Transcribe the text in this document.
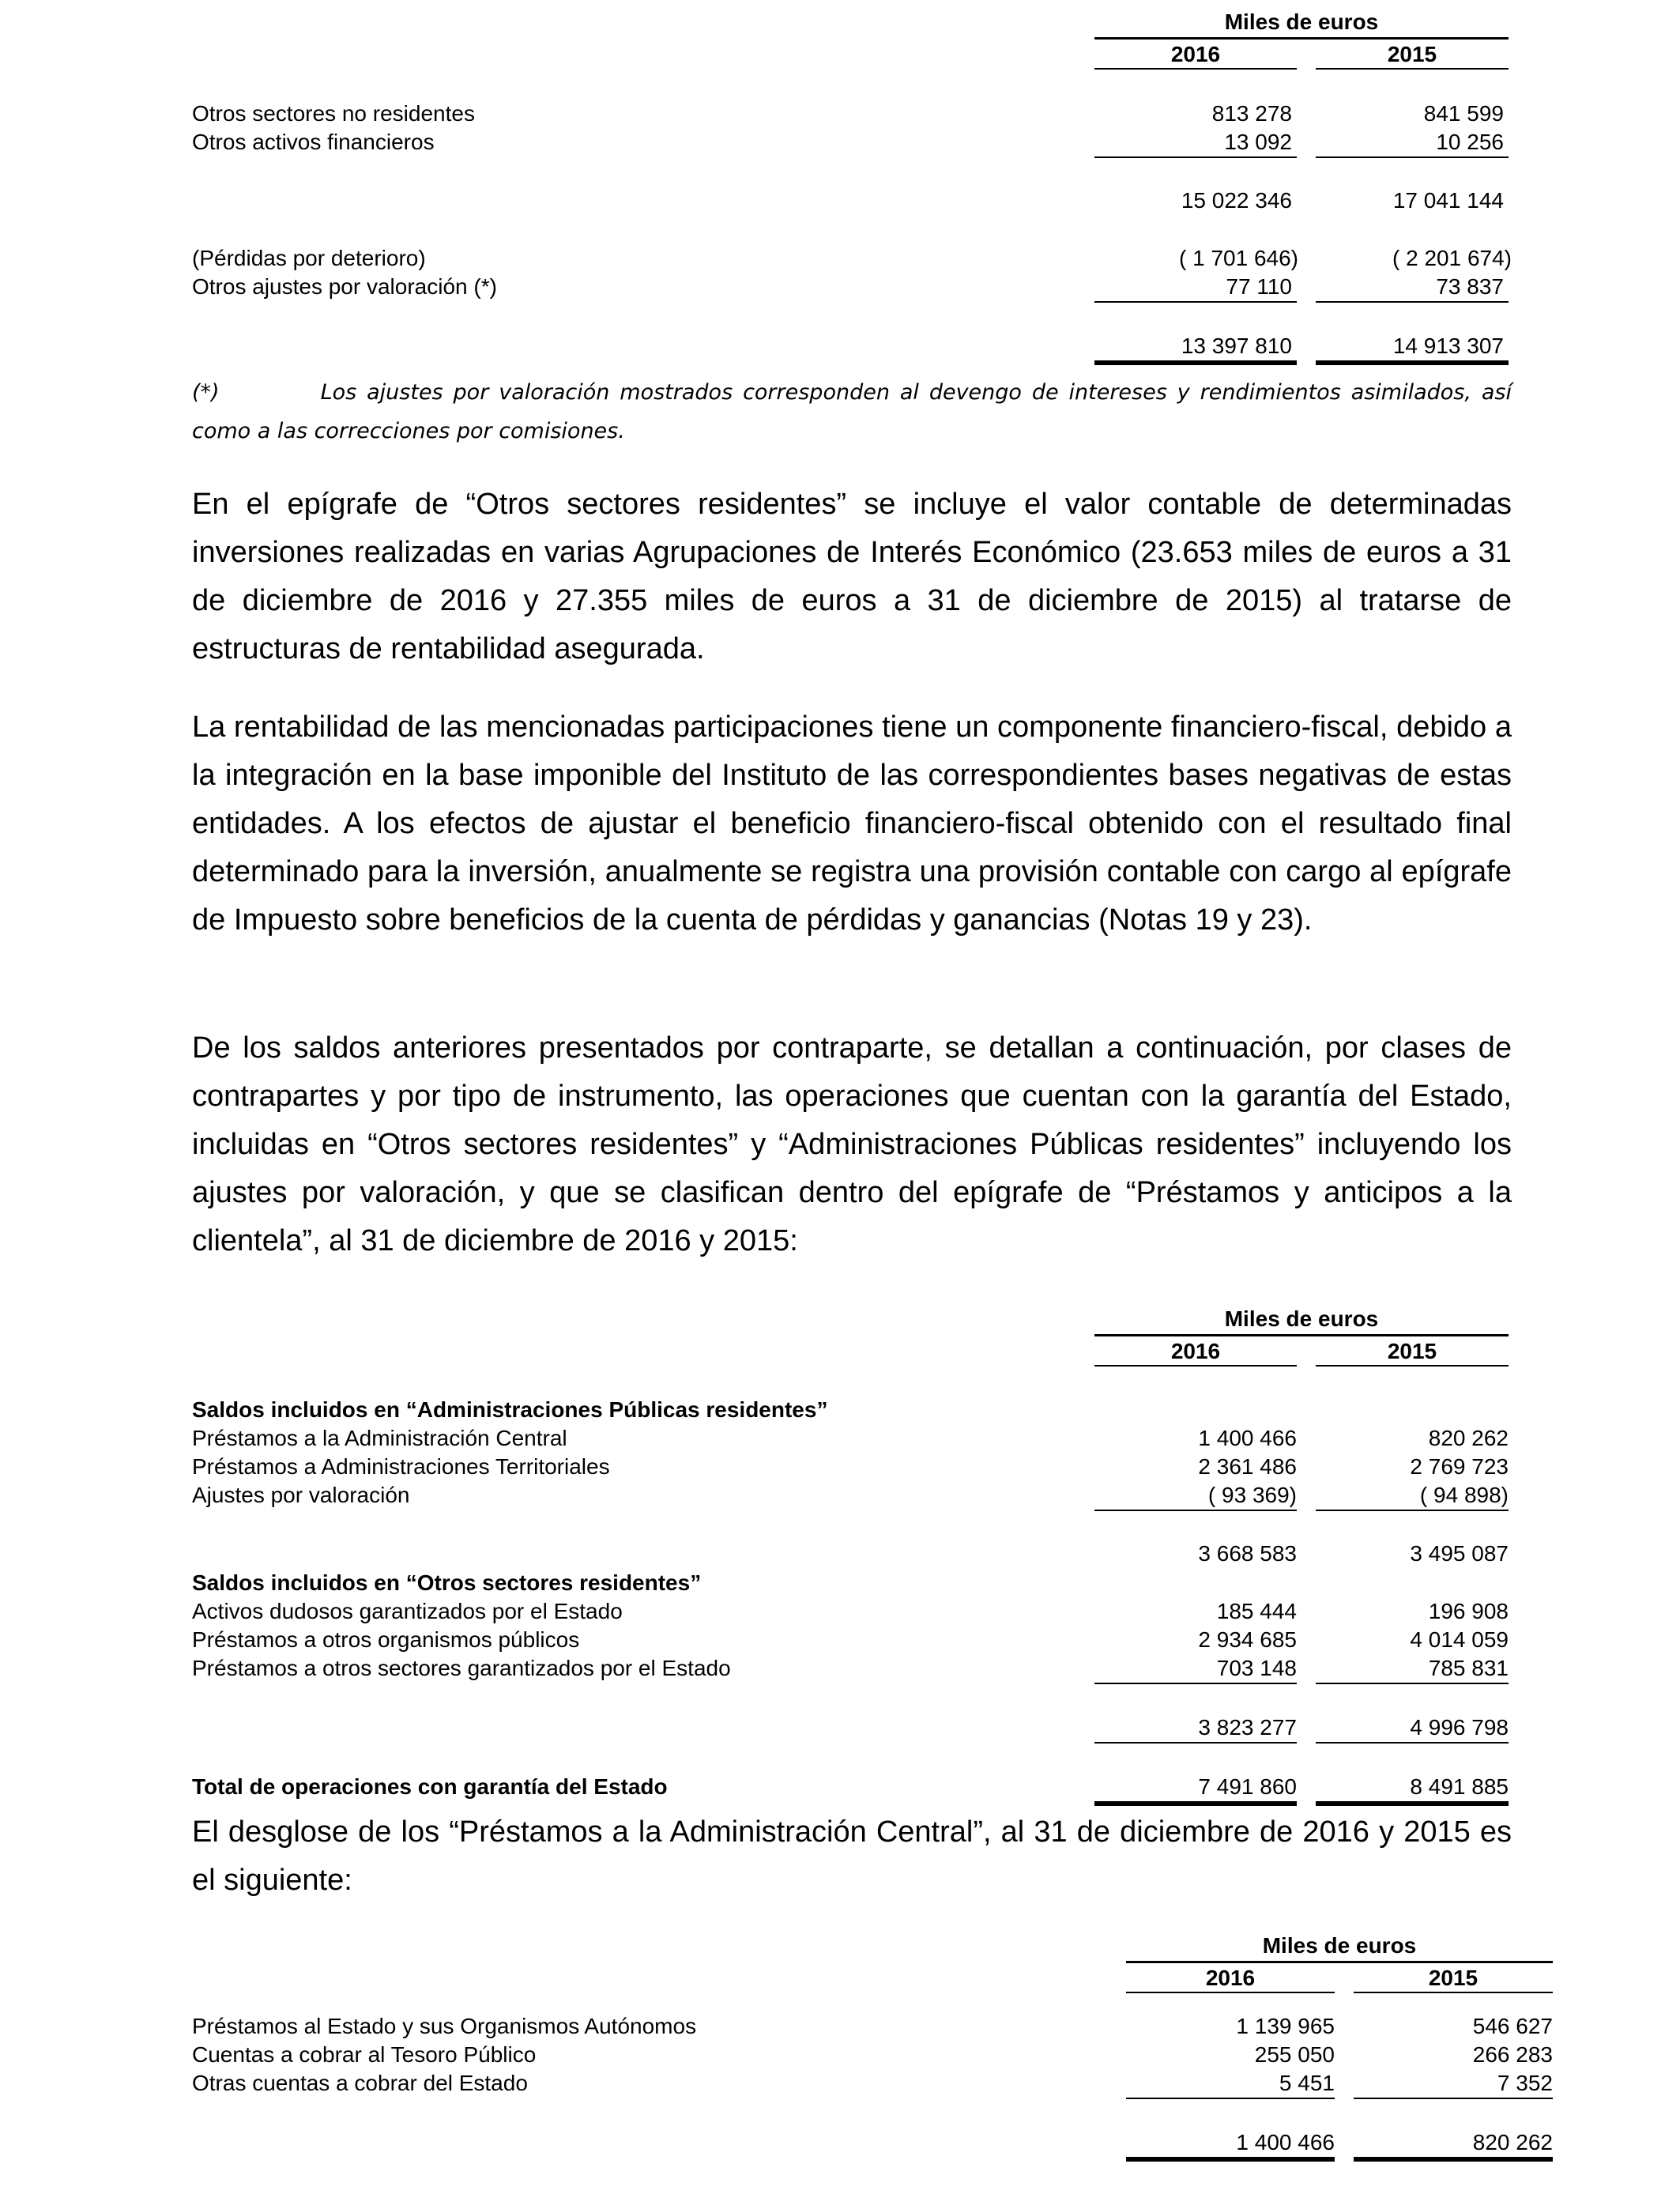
Miles de euros
2016	2015
Otros sectores no residentes	813 278	841 599
Otros activos financieros	13 092	10 256
15 022 346	17 041 144
(Pérdidas por deterioro)	( 1 701 646)	( 2 201 674)
Otros ajustes por valoración (*)	77 110	73 837
13 397 810	14 913 307
(*)	Los ajustes por valoración mostrados corresponden al devengo de intereses y rendimientos asimilados, así como a las correcciones por comisiones.

En el epígrafe de “Otros sectores residentes” se incluye el valor contable de determinadas inversiones realizadas en varias Agrupaciones de Interés Económico (23.653 miles de euros a 31 de diciembre de 2016 y 27.355 miles de euros a 31 de diciembre de 2015) al tratarse de estructuras de rentabilidad asegurada.

La rentabilidad de las mencionadas participaciones tiene un componente financiero-fiscal, debido a la integración en la base imponible del Instituto de las correspondientes bases negativas de estas entidades. A los efectos de ajustar el beneficio financiero-fiscal obtenido con el resultado final determinado para la inversión, anualmente se registra una provisión contable con cargo al epígrafe de Impuesto sobre beneficios de la cuenta de pérdidas y ganancias (Notas 19 y 23).

De los saldos anteriores presentados por contraparte, se detallan a continuación, por clases de contrapartes y por tipo de instrumento, las operaciones que cuentan con la garantía del Estado, incluidas en “Otros sectores residentes” y “Administraciones Públicas residentes” incluyendo los ajustes por valoración, y que se clasifican dentro del epígrafe de “Préstamos y anticipos a la clientela”, al 31 de diciembre de 2016 y 2015:

Miles de euros
2016	2015
Saldos incluidos en “Administraciones Públicas residentes”
Préstamos a la Administración Central	1 400 466	820 262
Préstamos a Administraciones Territoriales	2 361 486	2 769 723
Ajustes por valoración	( 93 369)	( 94 898)
3 668 583	3 495 087
Saldos incluidos en “Otros sectores residentes”
Activos dudosos garantizados por el Estado	185 444	196 908
Préstamos a otros organismos públicos	2 934 685	4 014 059
Préstamos a otros sectores garantizados por el Estado	703 148	785 831
3 823 277	4 996 798
Total de operaciones con garantía del Estado	7 491 860	8 491 885

El desglose de los “Préstamos a la Administración Central”, al 31 de diciembre de 2016 y 2015 es el siguiente:

Miles de euros
2016	2015
Préstamos al Estado y sus Organismos Autónomos	1 139 965	546 627
Cuentas a cobrar al Tesoro Público	255 050	266 283
Otras cuentas a cobrar del Estado	5 451	7 352
1 400 466	820 262
